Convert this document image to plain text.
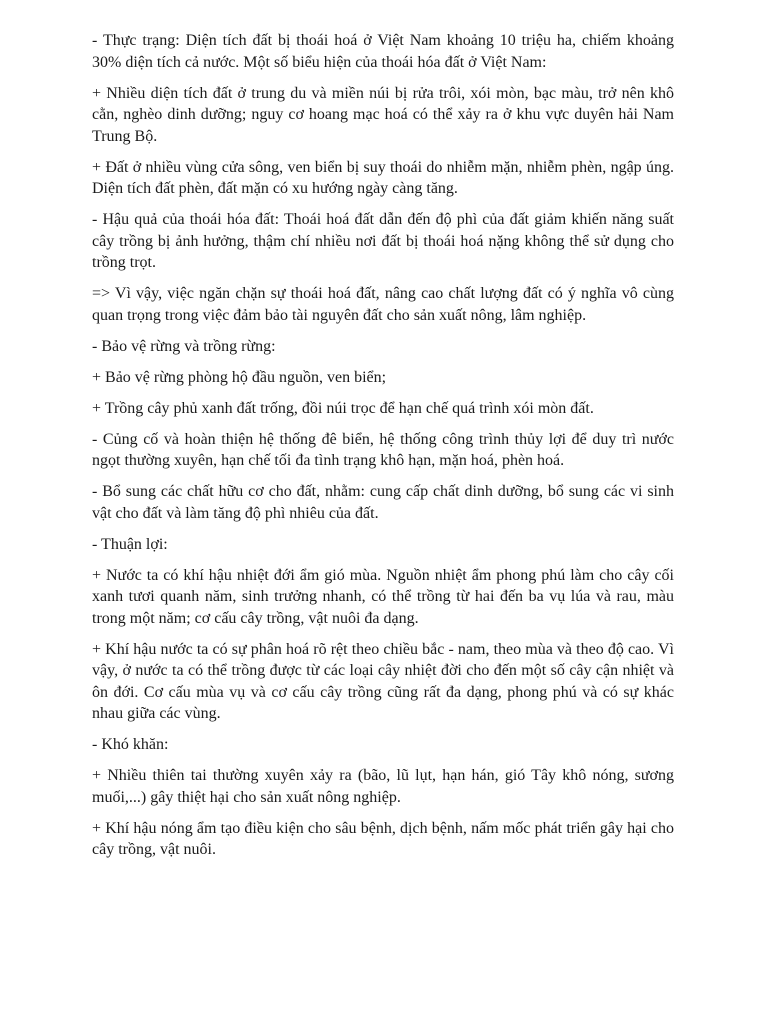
- Thực trạng: Diện tích đất bị thoái hoá ở Việt Nam khoảng 10 triệu ha, chiếm khoảng 30% diện tích cả nước. Một số biểu hiện của thoái hóa đất ở Việt Nam:

+ Nhiều diện tích đất ở trung du và miền núi bị rửa trôi, xói mòn, bạc màu, trở nên khô cằn, nghèo dinh dưỡng; nguy cơ hoang mạc hoá có thể xảy ra ở khu vực duyên hải Nam Trung Bộ.

+ Đất ở nhiều vùng cửa sông, ven biển bị suy thoái do nhiễm mặn, nhiễm phèn, ngập úng. Diện tích đất phèn, đất mặn có xu hướng ngày càng tăng.

- Hậu quả của thoái hóa đất: Thoái hoá đất dẫn đến độ phì của đất giảm khiến năng suất cây trồng bị ảnh hưởng, thậm chí nhiều nơi đất bị thoái hoá nặng không thể sử dụng cho trồng trọt.

=> Vì vậy, việc ngăn chặn sự thoái hoá đất, nâng cao chất lượng đất có ý nghĩa vô cùng quan trọng trong việc đảm bảo tài nguyên đất cho sản xuất nông, lâm nghiệp.

- Bảo vệ rừng và trồng rừng:

+ Bảo vệ rừng phòng hộ đầu nguồn, ven biển;

+ Trồng cây phủ xanh đất trống, đồi núi trọc để hạn chế quá trình xói mòn đất.

- Củng cố và hoàn thiện hệ thống đê biển, hệ thống công trình thủy lợi để duy trì nước ngọt thường xuyên, hạn chế tối đa tình trạng khô hạn, mặn hoá, phèn hoá.

- Bổ sung các chất hữu cơ cho đất, nhằm: cung cấp chất dinh dưỡng, bổ sung các vi sinh vật cho đất và làm tăng độ phì nhiêu của đất.

- Thuận lợi:

+ Nước ta có khí hậu nhiệt đới ẩm gió mùa. Nguồn nhiệt ẩm phong phú làm cho cây cối xanh tươi quanh năm, sinh trưởng nhanh, có thể trồng từ hai đến ba vụ lúa và rau, màu trong một năm; cơ cấu cây trồng, vật nuôi đa dạng.

+ Khí hậu nước ta có sự phân hoá rõ rệt theo chiều bắc - nam, theo mùa và theo độ cao. Vì vậy, ở nước ta có thể trồng được từ các loại cây nhiệt đời cho đến một số cây cận nhiệt và ôn đới. Cơ cấu mùa vụ và cơ cấu cây trồng cũng rất đa dạng, phong phú và có sự khác nhau giữa các vùng.

- Khó khăn:

+ Nhiều thiên tai thường xuyên xảy ra (bão, lũ lụt, hạn hán, gió Tây khô nóng, sương muối,...) gây thiệt hại cho sản xuất nông nghiệp.

+ Khí hậu nóng ẩm tạo điều kiện cho sâu bệnh, dịch bệnh, nấm mốc phát triển gây hại cho cây trồng, vật nuôi.
